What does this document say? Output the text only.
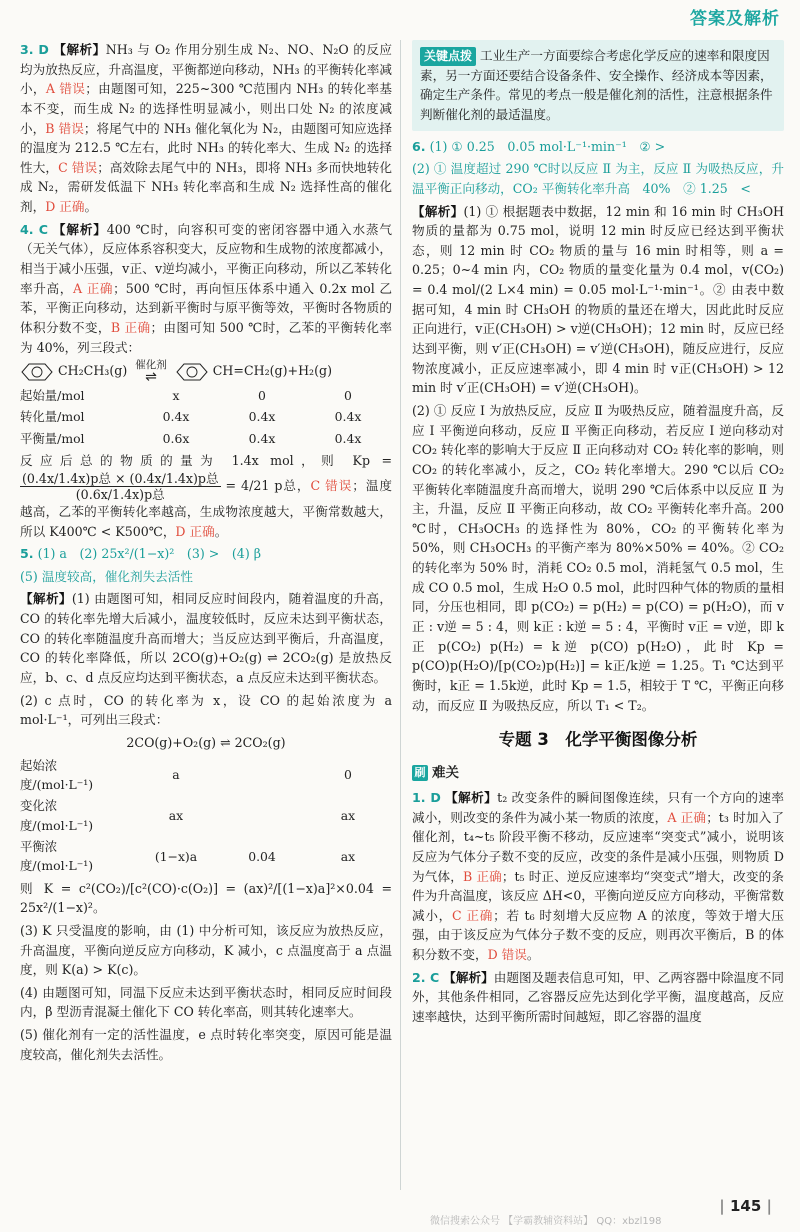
答案及解析

3. D 【解析】NH₃ 与 O₂ 作用分别生成 N₂、NO、N₂O 的反应均为放热反应，升高温度，平衡都逆向移动，NH₃ 的平衡转化率减小，A 错误；由题图可知，225~300 ℃范围内 NH₃ 的转化率基本不变，而生成 N₂ 的选择性明显减小，则出口处 N₂ 的浓度减小，B 错误；将尾气中的 NH₃ 催化氧化为 N₂，由题图可知应选择的温度为 212.5 ℃左右，此时 NH₃ 的转化率大、生成 N₂ 的选择性大，C 错误；高效除去尾气中的 NH₃，即将 NH₃ 多而快地转化成 N₂，需研发低温下 NH₃ 转化率高和生成 N₂ 选择性高的催化剂，D 正确。

4. C 【解析】400 ℃时，向容积可变的密闭容器中通入水蒸气（无关气体），反应体系容积变大，反应物和生成物的浓度都减小，相当于减小压强，v正、v逆均减小，平衡正向移动，所以乙苯转化率升高，A 正确；500 ℃时，再向恒压体系中通入 0.2x mol 乙苯，平衡正向移动，达到新平衡时与原平衡等效，平衡时各物质的体积分数不变，B 正确；由图可知 500 ℃时，乙苯的平衡转化率为 40%，列三段式：

CH₂CH₃(g) 催化剂
⇌	CH=CH₂(g)+H₂(g)
起始量/mol	x	0	0
转化量/mol	0.4x	0.4x	0.4x
平衡量/mol	0.6x	0.4x	0.4x

反应后总的物质的量为 1.4x mol，则 Kp =
$\frac{\text{(0.4x/1.4x)p总 × (0.4x/1.4x)p总}}{\text{(0.6x/1.4x)p总}} = 4/21$ p总，C 错误；温度越高，乙苯的平衡转化率越高，生成物浓度越大，平衡常数越大，所以 K400℃ < K500℃，D 正确。

5. (1) a　(2) 25x²/(1−x)²　(3) >　(4) β

(5) 温度较高，催化剂失去活性

【解析】(1) 由题图可知，相同反应时间段内，随着温度的升高，CO 的转化率先增大后减小，温度较低时，反应未达到平衡状态，CO 的转化率随温度升高而增大；当反应达到平衡后，升高温度，CO 的转化率降低，所以 2CO(g)+O₂(g) ⇌ 2CO₂(g) 是放热反应，b、c、d 点反应均达到平衡状态，a 点反应未达到平衡状态。

(2) c 点时，CO 的转化率为 x，设 CO 的起始浓度为 a mol·L⁻¹，可列出三段式：

2CO(g)+O₂(g) ⇌ 2CO₂(g)
起始浓度/(mol·L⁻¹)	a		0
变化浓度/(mol·L⁻¹)	ax		ax
平衡浓度/(mol·L⁻¹)	(1−x)a	0.04	ax

则 K = c²(CO₂)/[c²(CO)·c(O₂)] = (ax)²/[(1−x)a]²×0.04 = 25x²/(1−x)²。

(3) K 只受温度的影响，由 (1) 中分析可知，该反应为放热反应，升高温度，平衡向逆反应方向移动，K 减小，c 点温度高于 a 点温度，则 K(a) > K(c)。

(4) 由题图可知，同温下反应未达到平衡状态时，相同反应时间段内，β 型沥青混凝土催化下 CO 转化率高，则其转化速率大。

(5) 催化剂有一定的活性温度，e 点时转化率突变，原因可能是温度较高，催化剂失去活性。

关键点拨 工业生产一方面要综合考虑化学反应的速率和限度因素，另一方面还要结合设备条件、安全操作、经济成本等因素，确定生产条件。常见的考点一般是催化剂的活性，注意根据条件判断催化剂的最适温度。

6. (1) ① 0.25　0.05 mol·L⁻¹·min⁻¹　② >

(2) ① 温度超过 290 ℃时以反应 Ⅱ 为主，反应 Ⅱ 为吸热反应，升温平衡正向移动，CO₂ 平衡转化率升高　40%　② 1.25　<

【解析】(1) ① 根据题表中数据，12 min 和 16 min 时 CH₃OH 物质的量都为 0.75 mol，说明 12 min 时反应已经达到平衡状态，则 12 min 时 CO₂ 物质的量与 16 min 时相等，则 a = 0.25；0~4 min 内，CO₂ 物质的量变化量为 0.4 mol，v(CO₂) = 0.4 mol/(2 L×4 min) = 0.05 mol·L⁻¹·min⁻¹。② 由表中数据可知，4 min 时 CH₃OH 的物质的量还在增大，因此此时反应正向进行，v正(CH₃OH) > v逆(CH₃OH)；12 min 时，反应已经达到平衡，则 v′正(CH₃OH) = v′逆(CH₃OH)，随反应进行，反应物浓度减小，正反应速率减小，即 4 min 时 v正(CH₃OH) > 12 min 时 v′正(CH₃OH) = v′逆(CH₃OH)。

(2) ① 反应 Ⅰ 为放热反应，反应 Ⅱ 为吸热反应，随着温度升高，反应 Ⅰ 平衡逆向移动，反应 Ⅱ 平衡正向移动，若反应 Ⅰ 逆向移动对 CO₂ 转化率的影响大于反应 Ⅱ 正向移动对 CO₂ 转化率的影响，则 CO₂ 的转化率减小，反之，CO₂ 转化率增大。290 ℃以后 CO₂ 平衡转化率随温度升高而增大，说明 290 ℃后体系中以反应 Ⅱ 为主，升温，反应 Ⅱ 平衡正向移动，故 CO₂ 平衡转化率升高。200 ℃时，CH₃OCH₃ 的选择性为 80%，CO₂ 的平衡转化率为 50%，则 CH₃OCH₃ 的平衡产率为 80%×50% = 40%。② CO₂ 的转化率为 50% 时，消耗 CO₂ 0.5 mol，消耗氢气 0.5 mol，生成 CO 0.5 mol，生成 H₂O 0.5 mol，此时四种气体的物质的量相同，分压也相同，即 p(CO₂) = p(H₂) = p(CO) = p(H₂O)，而 v正 : v逆 = 5 : 4，则 k正 : k逆 = 5 : 4，平衡时 v正 = v逆，即 k正 p(CO₂) p(H₂) = k逆 p(CO) p(H₂O)，此时 Kp = p(CO)p(H₂O)/[p(CO₂)p(H₂)] = k正/k逆 = 1.25。T₁ ℃达到平衡时，k正 = 1.5k逆，此时 Kp = 1.5，相较于 T ℃，平衡正向移动，而反应 Ⅱ 为吸热反应，所以 T₁ < T₂。

专题 3　化学平衡图像分析
刷 难关

1. D 【解析】t₂ 改变条件的瞬间图像连续，只有一个方向的速率减小，则改变的条件为减小某一物质的浓度，A 正确；t₃ 时加入了催化剂，t₄~t₅ 阶段平衡不移动，反应速率“突变式”减小，说明该反应为气体分子数不变的反应，改变的条件是减小压强，则物质 D 为气体，B 正确；t₅ 时正、逆反应速率均“突变式”增大，改变的条件为升高温度，该反应 ΔH<0，平衡向逆反应方向移动，平衡常数减小，C 正确；若 t₆ 时刻增大反应物 A 的浓度，等效于增大压强，由于该反应为气体分子数不变的反应，则再次平衡后，B 的体积分数不变，D 错误。

2. C 【解析】由题图及题表信息可知，甲、乙两容器中除温度不同外，其他条件相同，乙容器反应先达到化学平衡，温度越高，反应速率越快，达到平衡所需时间越短，即乙容器的温度

| 145 |
微信搜索公众号 【学霸教辅资料站】 QQ：xbzl198
